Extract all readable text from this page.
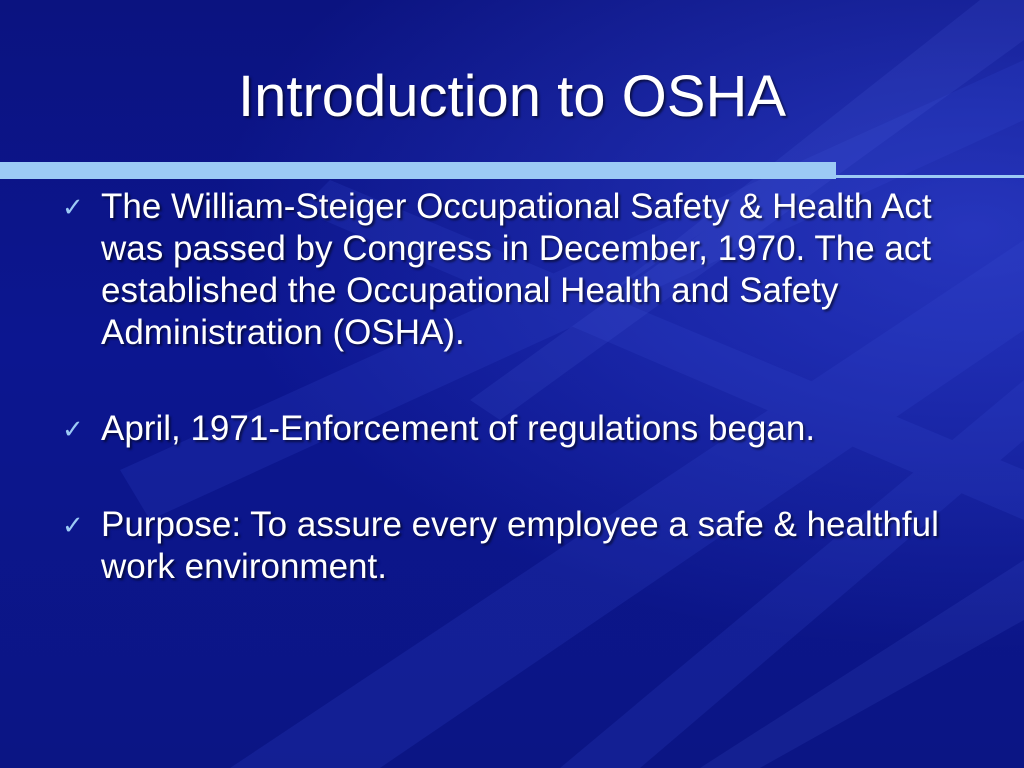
Introduction to OSHA
✓ The William-Steiger Occupational Safety & Health Act was passed by Congress in December, 1970. The act established the Occupational Health and Safety Administration (OSHA).
✓ April, 1971-Enforcement of regulations began.
✓ Purpose: To assure every employee a safe & healthful work environment.
